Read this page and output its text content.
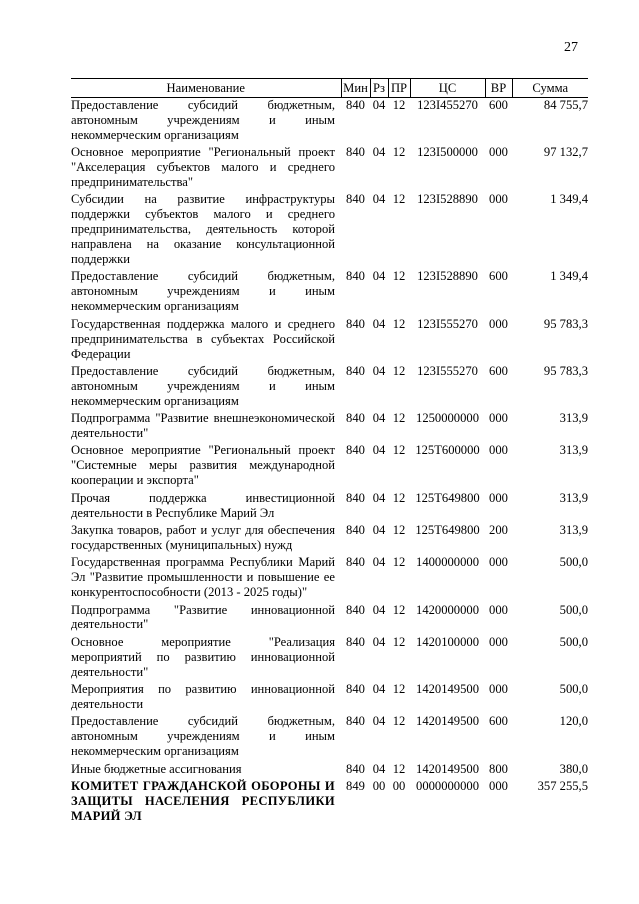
27
Наименование	Мин	Рз	ПР	ЦС	ВР	Сумма
Предоставление субсидий бюджетным, автономным учреждениям и иным некоммерческим организациям	840	04	12	123I455270	600	84 755,7
Основное мероприятие "Региональный проект "Акселерация субъектов малого и среднего предпринимательства"	840	04	12	123I500000	000	97 132,7
Субсидии на развитие инфраструктуры поддержки субъектов малого и среднего предпринимательства, деятельность которой направлена на оказание консультационной поддержки	840	04	12	123I528890	000	1 349,4
Предоставление субсидий бюджетным, автономным учреждениям и иным некоммерческим организациям	840	04	12	123I528890	600	1 349,4
Государственная поддержка малого и среднего предпринимательства в субъектах Российской Федерации	840	04	12	123I555270	000	95 783,3
Предоставление субсидий бюджетным, автономным учреждениям и иным некоммерческим организациям	840	04	12	123I555270	600	95 783,3
Подпрограмма "Развитие внешнеэкономической деятельности"	840	04	12	1250000000	000	313,9
Основное мероприятие "Региональный проект "Системные меры развития международной кооперации и экспорта"	840	04	12	125T600000	000	313,9
Прочая поддержка инвестиционной деятельности в Республике Марий Эл	840	04	12	125T649800	000	313,9
Закупка товаров, работ и услуг для обеспечения государственных (муниципальных) нужд	840	04	12	125T649800	200	313,9
Государственная программа Республики Марий Эл "Развитие промышленности и повышение ее конкурентоспособности (2013 - 2025 годы)"	840	04	12	1400000000	000	500,0
Подпрограмма "Развитие инновационной деятельности"	840	04	12	1420000000	000	500,0
Основное мероприятие "Реализация мероприятий по развитию инновационной деятельности"	840	04	12	1420100000	000	500,0
Мероприятия по развитию инновационной деятельности	840	04	12	1420149500	000	500,0
Предоставление субсидий бюджетным, автономным учреждениям и иным некоммерческим организациям	840	04	12	1420149500	600	120,0
Иные бюджетные ассигнования	840	04	12	1420149500	800	380,0
КОМИТЕТ ГРАЖДАНСКОЙ ОБОРОНЫ И ЗАЩИТЫ НАСЕЛЕНИЯ РЕСПУБЛИКИ МАРИЙ ЭЛ	849	00	00	0000000000	000	357 255,5
